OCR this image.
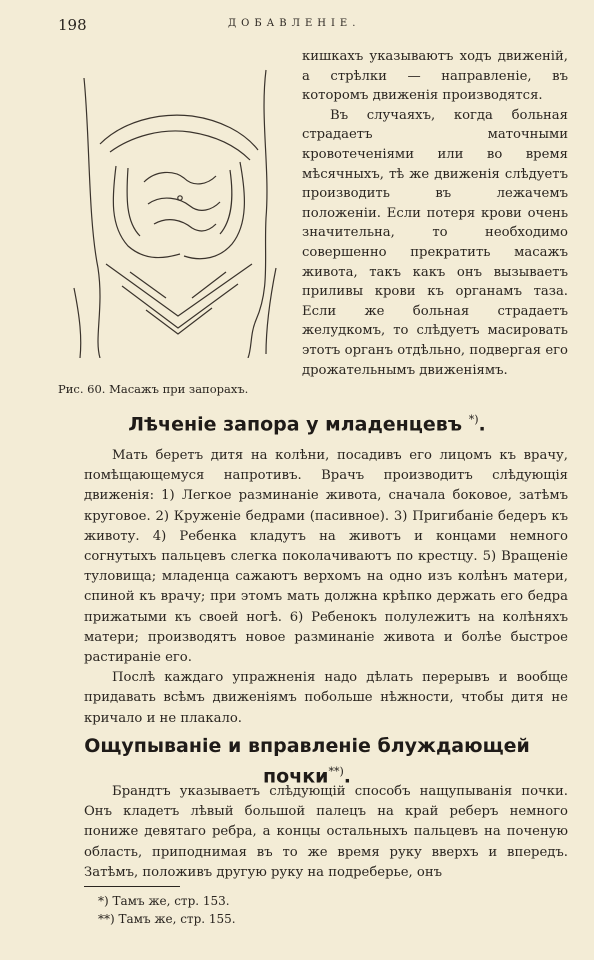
198	ДОБАВЛЕНІЕ.
Рис. 60. Масажъ при запорахъ.

кишкахъ указываютъ ходъ движеній, а стрѣлки — направленіе, въ которомъ движенія производятся.

Въ случаяхъ, когда больная страдаетъ маточными кровотеченіями или во время мѣсячныхъ, тѣ же движенія слѣдуетъ производить въ лежачемъ положеніи. Если потеря крови очень значительна, то необходимо совершенно прекратить масажъ живота, такъ какъ онъ вызываетъ приливы крови къ органамъ таза. Если же больная страдаетъ желудкомъ, то слѣдуетъ масировать этотъ органъ отдѣльно, подвергая его дрожательнымъ движеніямъ.

Лѣченіе запора у младенцевъ *).

Мать беретъ дитя на колѣни, посадивъ его лицомъ къ врачу, помѣщающемуся напротивъ. Врачъ производитъ слѣдующія движенія: 1) Легкое разминаніе живота, сначала боковое, затѣмъ круговое. 2) Круженіе бедрами (пасивное). 3) Пригибаніе бедеръ къ животу. 4) Ребенка кладутъ на животъ и концами немного согнутыхъ пальцевъ слегка поколачиваютъ по крестцу. 5) Вращеніе туловища; младенца сажаютъ верхомъ на одно изъ колѣнъ матери, спиной къ врачу; при этомъ мать должна крѣпко держать его бедра прижатыми къ своей ногѣ. 6) Ребенокъ полулежитъ на колѣняхъ матери; производятъ новое разминаніе живота и болѣе быстрое растираніе его.

Послѣ каждаго упражненія надо дѣлать перерывъ и вообще придавать всѣмъ движеніямъ побольше нѣжности, чтобы дитя не кричало и не плакало.

Ощупываніе и вправленіе блуждающей
почки**).

Брандтъ указываетъ слѣдующій способъ нащупыванія почки. Онъ кладетъ лѣвый большой палецъ на край реберъ немного пониже девятаго ребра, а концы остальныхъ пальцевъ на поченую область, приподнимая въ то же время руку вверхъ и впередъ. Затѣмъ, положивъ другую руку на подреберье, онъ

*) Тамъ же, стр. 153.
**) Тамъ же, стр. 155.
